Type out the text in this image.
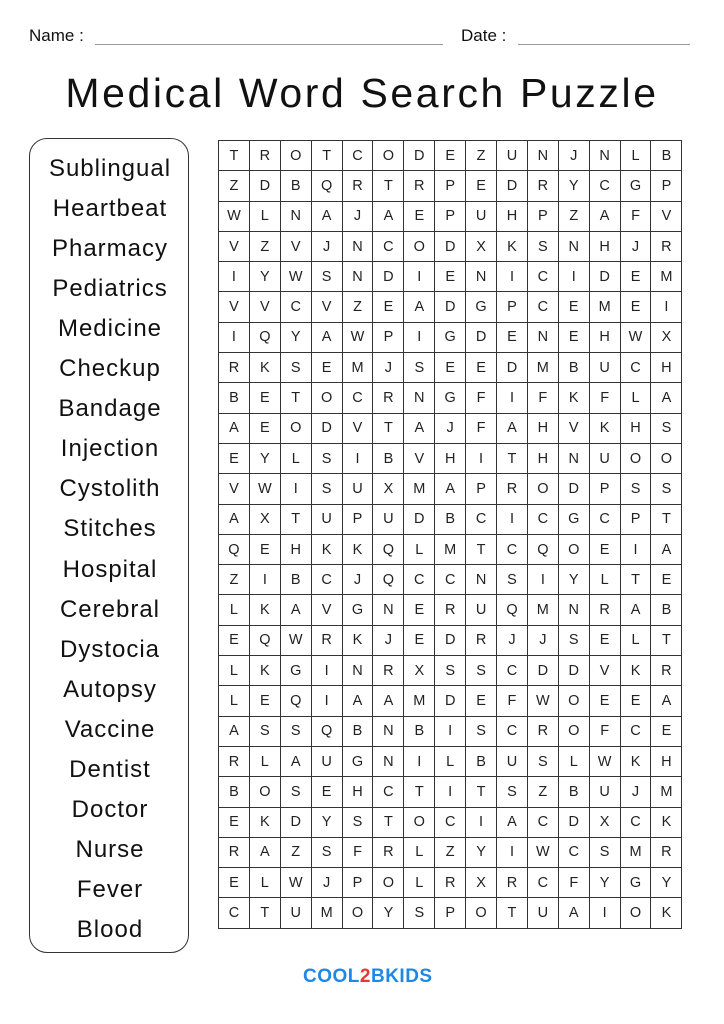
Name :	Date :
Medical Word Search Puzzle
Sublingual
Heartbeat
Pharmacy
Pediatrics
Medicine
Checkup
Bandage
Injection
Cystolith
Stitches
Hospital
Cerebral
Dystocia
Autopsy
Vaccine
Dentist
Doctor
Nurse
Fever
Blood
T	R	O	T	C	O	D	E	Z	U	N	J	N	L	B
Z	D	B	Q	R	T	R	P	E	D	R	Y	C	G	P
W	L	N	A	J	A	E	P	U	H	P	Z	A	F	V
V	Z	V	J	N	C	O	D	X	K	S	N	H	J	R
I	Y	W	S	N	D	I	E	N	I	C	I	D	E	M
V	V	C	V	Z	E	A	D	G	P	C	E	M	E	I
I	Q	Y	A	W	P	I	G	D	E	N	E	H	W	X
R	K	S	E	M	J	S	E	E	D	M	B	U	C	H
B	E	T	O	C	R	N	G	F	I	F	K	F	L	A
A	E	O	D	V	T	A	J	F	A	H	V	K	H	S
E	Y	L	S	I	B	V	H	I	T	H	N	U	O	O
V	W	I	S	U	X	M	A	P	R	O	D	P	S	S
A	X	T	U	P	U	D	B	C	I	C	G	C	P	T
Q	E	H	K	K	Q	L	M	T	C	Q	O	E	I	A
Z	I	B	C	J	Q	C	C	N	S	I	Y	L	T	E
L	K	A	V	G	N	E	R	U	Q	M	N	R	A	B
E	Q	W	R	K	J	E	D	R	J	J	S	E	L	T
L	K	G	I	N	R	X	S	S	C	D	D	V	K	R
L	E	Q	I	A	A	M	D	E	F	W	O	E	E	A
A	S	S	Q	B	N	B	I	S	C	R	O	F	C	E
R	L	A	U	G	N	I	L	B	U	S	L	W	K	H
B	O	S	E	H	C	T	I	T	S	Z	B	U	J	M
E	K	D	Y	S	T	O	C	I	A	C	D	X	C	K
R	A	Z	S	F	R	L	Z	Y	I	W	C	S	M	R
E	L	W	J	P	O	L	R	X	R	C	F	Y	G	Y
C	T	U	M	O	Y	S	P	O	T	U	A	I	O	K
COOL2BKIDS
